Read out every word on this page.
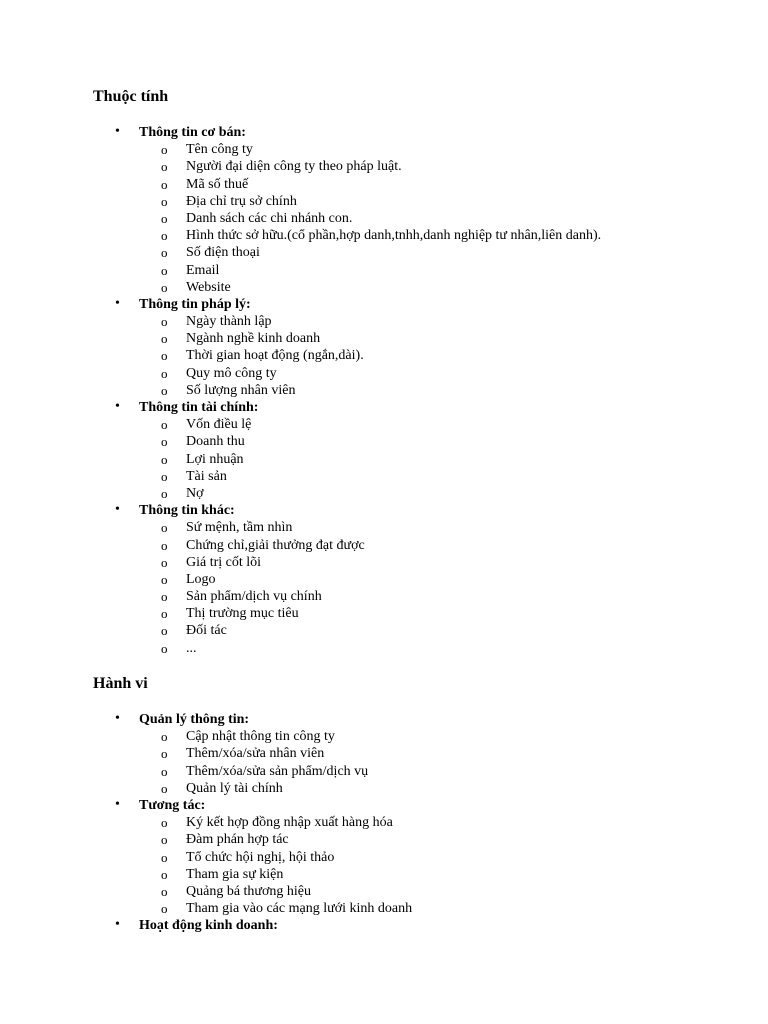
Thuộc tính
• Thông tin cơ bán:
o Tên công ty
o Người đại diện công ty theo pháp luật.
o Mã số thuế
o Địa chỉ trụ sở chính
o Danh sách các chi nhánh con.
o Hình thức sở hữu.(cổ phần,hợp danh,tnhh,danh nghiệp tư nhân,liên danh).
o Số điện thoại
o Email
o Website
• Thông tin pháp lý:
o Ngày thành lập
o Ngành nghề kinh doanh
o Thời gian hoạt động (ngắn,dài).
o Quy mô công ty
o Số lượng nhân viên
• Thông tin tài chính:
o Vốn điều lệ
o Doanh thu
o Lợi nhuận
o Tài sản
o Nợ
• Thông tin khác:
o Sứ mệnh, tầm nhìn
o Chứng chỉ,giải thưởng đạt được
o Giá trị cốt lõi
o Logo
o Sản phẩm/dịch vụ chính
o Thị trường mục tiêu
o Đối tác
o ...
Hành vi
• Quản lý thông tin:
o Cập nhật thông tin công ty
o Thêm/xóa/sửa nhân viên
o Thêm/xóa/sửa sản phẩm/dịch vụ
o Quản lý tài chính
• Tương tác:
o Ký kết hợp đồng nhập xuất hàng hóa
o Đàm phán hợp tác
o Tổ chức hội nghị, hội thảo
o Tham gia sự kiện
o Quảng bá thương hiệu
o Tham gia vào các mạng lưới kinh doanh
• Hoạt động kinh doanh:
